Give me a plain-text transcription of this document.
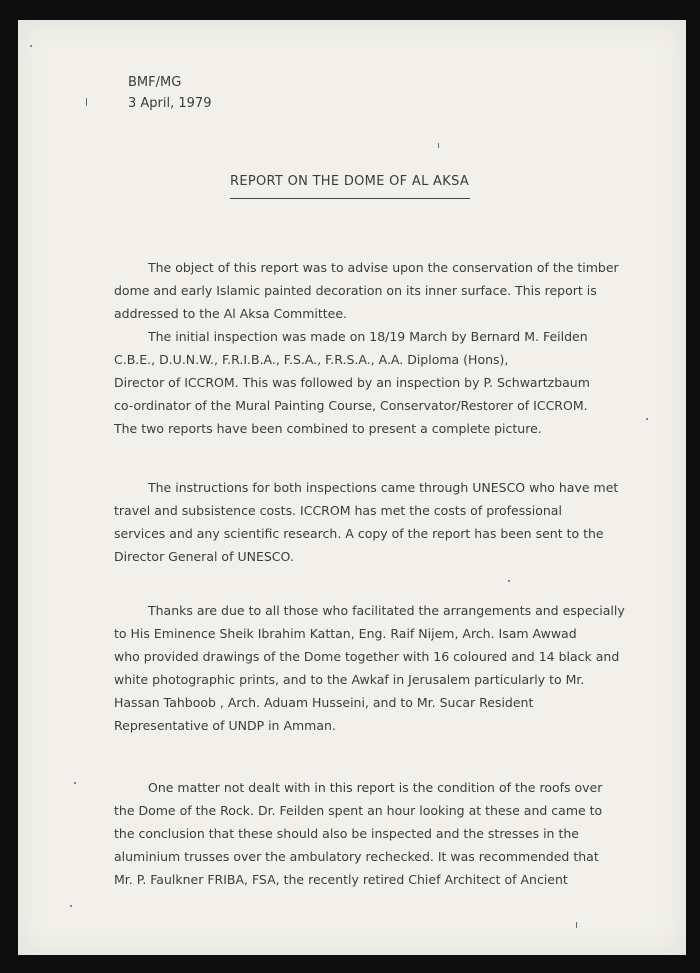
BMF/MG
3 April, 1979
REPORT ON THE DOME OF AL AKSA
The object of this report was to advise upon the conservation of the timber
dome and early Islamic painted decoration on its inner surface. This report is
addressed to the Al Aksa Committee.
The initial inspection was made on 18/19 March by Bernard M. Feilden
C.B.E., D.U.N.W., F.R.I.B.A., F.S.A., F.R.S.A., A.A. Diploma (Hons),
Director of ICCROM. This was followed by an inspection by P. Schwartzbaum
co-ordinator of the Mural Painting Course, Conservator/Restorer of ICCROM.
The two reports have been combined to present a complete picture.
The instructions for both inspections came through UNESCO who have met
travel and subsistence costs. ICCROM has met the costs of professional
services and any scientific research. A copy of the report has been sent to the
Director General of UNESCO.
Thanks are due to all those who facilitated the arrangements and especially
to His Eminence Sheik Ibrahim Kattan, Eng. Raif Nijem, Arch. Isam Awwad
who provided drawings of the Dome together with 16 coloured and 14 black and
white photographic prints, and to the Awkaf in Jerusalem particularly to Mr.
Hassan Tahboob , Arch. Aduam Husseini, and to Mr. Sucar Resident
Representative of UNDP in Amman.
One matter not dealt with in this report is the condition of the roofs over
the Dome of the Rock. Dr. Feilden spent an hour looking at these and came to
the conclusion that these should also be inspected and the stresses in the
aluminium trusses over the ambulatory rechecked. It was recommended that
Mr. P. Faulkner FRIBA, FSA, the recently retired Chief Architect of Ancient
